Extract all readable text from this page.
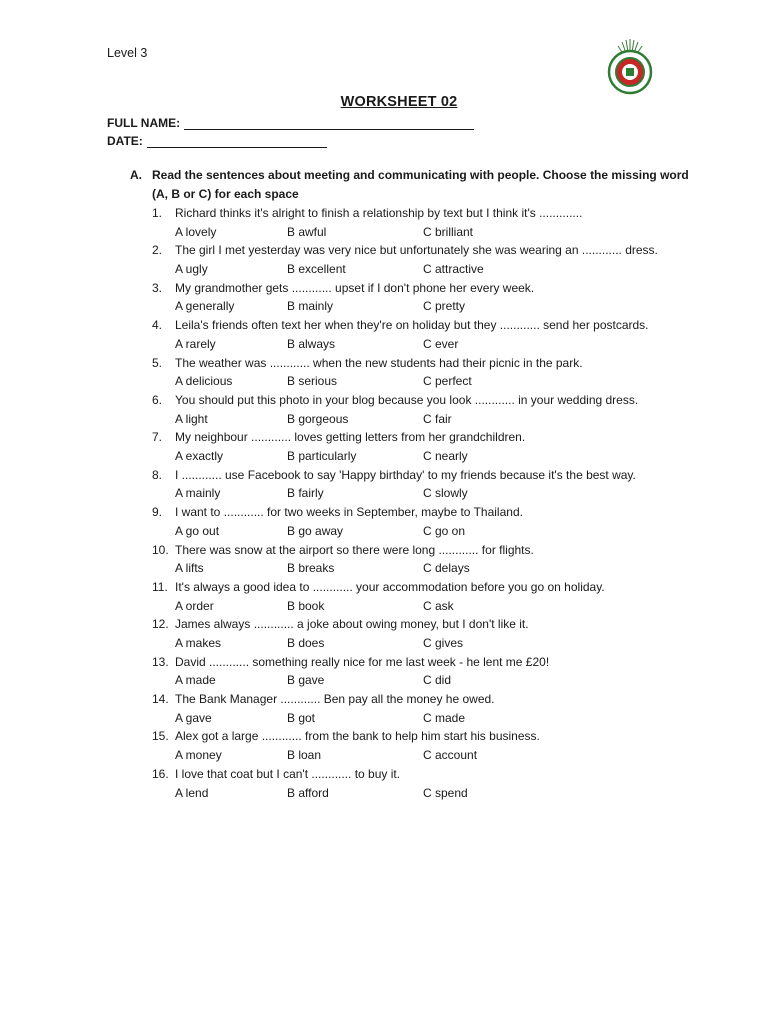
Level 3
WORKSHEET 02
FULL NAME:
DATE:
A. Read the sentences about meeting and communicating with people. Choose the missing word (A, B or C) for each space
1. Richard thinks it's alright to finish a relationship by text but I think it's .............
A lovely	B awful	C brilliant
2. The girl I met yesterday was very nice but unfortunately she was wearing an ............ dress.
A ugly	B excellent	C attractive
3. My grandmother gets ............ upset if I don't phone her every week.
A generally	B mainly	C pretty
4. Leila's friends often text her when they're on holiday but they ............ send her postcards.
A rarely	B always	C ever
5. The weather was ............ when the new students had their picnic in the park.
A delicious	B serious	C perfect
6. You should put this photo in your blog because you look ............ in your wedding dress.
A light	B gorgeous	C fair
7. My neighbour ............ loves getting letters from her grandchildren.
A exactly	B particularly	C nearly
8. I ............ use Facebook to say 'Happy birthday' to my friends because it's the best way.
A mainly	B fairly	C slowly
9. I want to ............ for two weeks in September, maybe to Thailand.
A go out	B go away	C go on
10. There was snow at the airport so there were long ............ for flights.
A lifts	B breaks	C delays
11. It's always a good idea to ............ your accommodation before you go on holiday.
A order	B book	C ask
12. James always ............ a joke about owing money, but I don't like it.
A makes	B does	C gives
13. David ............ something really nice for me last week - he lent me £20!
A made	B gave	C did
14. The Bank Manager ............ Ben pay all the money he owed.
A gave	B got	C made
15. Alex got a large ............ from the bank to help him start his business.
A money	B loan	C account
16. I love that coat but I can't ............ to buy it.
A lend	B afford	C spend
